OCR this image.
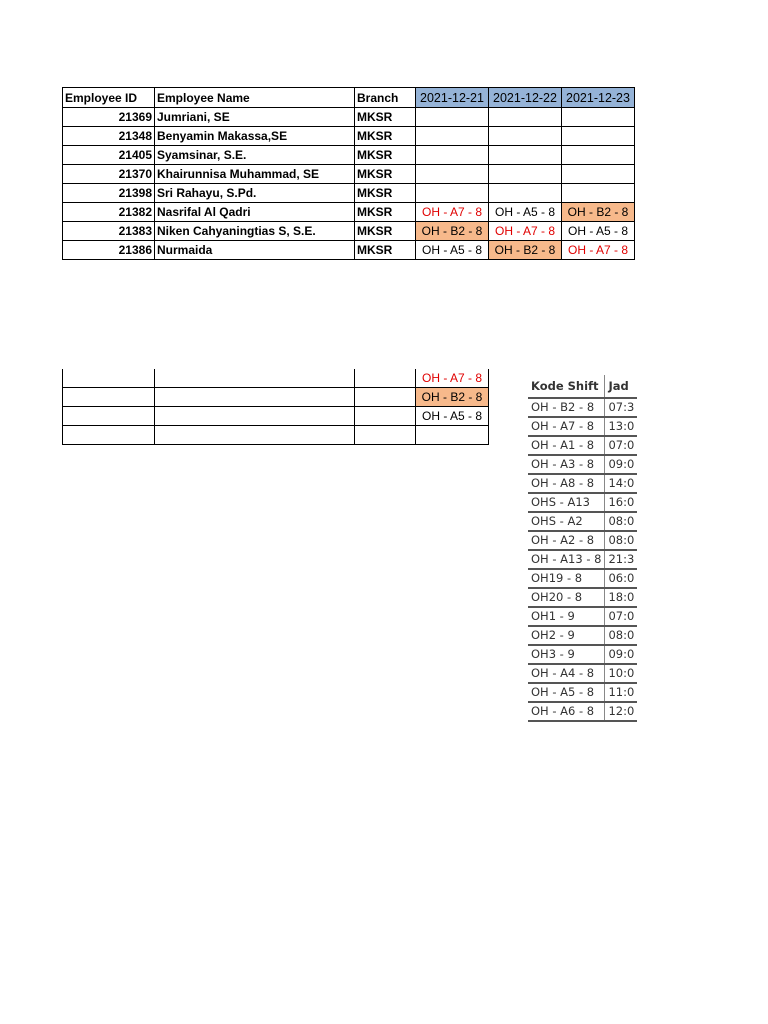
Employee ID	Employee Name	Branch	2021-12-21	2021-12-22	2021-12-23
21369	Jumriani, SE	MKSR			
21348	Benyamin Makassa,SE	MKSR			
21405	Syamsinar, S.E.	MKSR			
21370	Khairunnisa Muhammad, SE	MKSR			
21398	Sri Rahayu, S.Pd.	MKSR			
21382	Nasrifal Al Qadri	MKSR	OH - A7 - 8	OH - A5 - 8	OH - B2 - 8
21383	Niken Cahyaningtias S, S.E.	MKSR	OH - B2 - 8	OH - A7 - 8	OH - A5 - 8
21386	Nurmaida	MKSR	OH - A5 - 8	OH - B2 - 8	OH - A7 - 8
			OH - A7 - 8
			OH - B2 - 8
			OH - A5 - 8

Kode Shift	Jad
OH - B2 - 8	07:3
OH - A7 - 8	13:0
OH - A1 - 8	07:0
OH - A3 - 8	09:0
OH - A8 - 8	14:0
OHS - A13	16:0
OHS - A2	08:0
OH - A2 - 8	08:0
OH - A13 - 8	21:3
OH19 - 8	06:0
OH20 - 8	18:0
OH1 - 9	07:0
OH2 - 9	08:0
OH3 - 9	09:0
OH - A4 - 8	10:0
OH - A5 - 8	11:0
OH - A6 - 8	12:0
